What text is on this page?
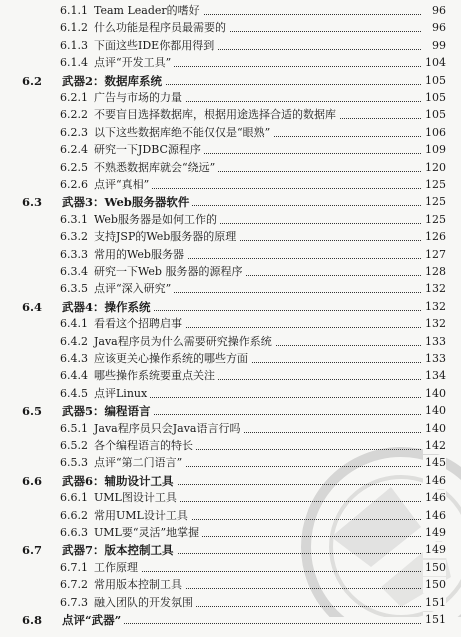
6.1.1 Team Leader的嗜好	96
6.1.2 什么功能是程序员最需要的	96
6.1.3 下面这些IDE你都用得到	99
6.1.4 点评“开发工具”	104
6.2 武器2：数据库系统	105
6.2.1 广告与市场的力量	105
6.2.2 不要盲目选择数据库，根据用途选择合适的数据库	105
6.2.3 以下这些数据库绝不能仅仅是“眼熟”	106
6.2.4 研究一下JDBC源程序	109
6.2.5 不熟悉数据库就会“绕远”	120
6.2.6 点评“真相”	125
6.3 武器3：Web服务器软件	125
6.3.1 Web服务器是如何工作的	125
6.3.2 支持JSP的Web服务器的原理	126
6.3.3 常用的Web服务器	127
6.3.4 研究一下Web 服务器的源程序	128
6.3.5 点评“深入研究”	132
6.4 武器4：操作系统	132
6.4.1 看看这个招聘启事	132
6.4.2 Java程序员为什么需要研究操作系统	133
6.4.3 应该更关心操作系统的哪些方面	133
6.4.4 哪些操作系统要重点关注	134
6.4.5 点评Linux	140
6.5 武器5：编程语言	140
6.5.1 Java程序员只会Java语言行吗	140
6.5.2 各个编程语言的特长	142
6.5.3 点评“第二门语言”	145
6.6 武器6：辅助设计工具	146
6.6.1 UML图设计工具	146
6.6.2 常用UML设计工具	146
6.6.3 UML要“灵活”地掌握	149
6.7 武器7：版本控制工具	149
6.7.1 工作原理	150
6.7.2 常用版本控制工具	150
6.7.3 融入团队的开发氛围	151
6.8 点评“武器”	151
